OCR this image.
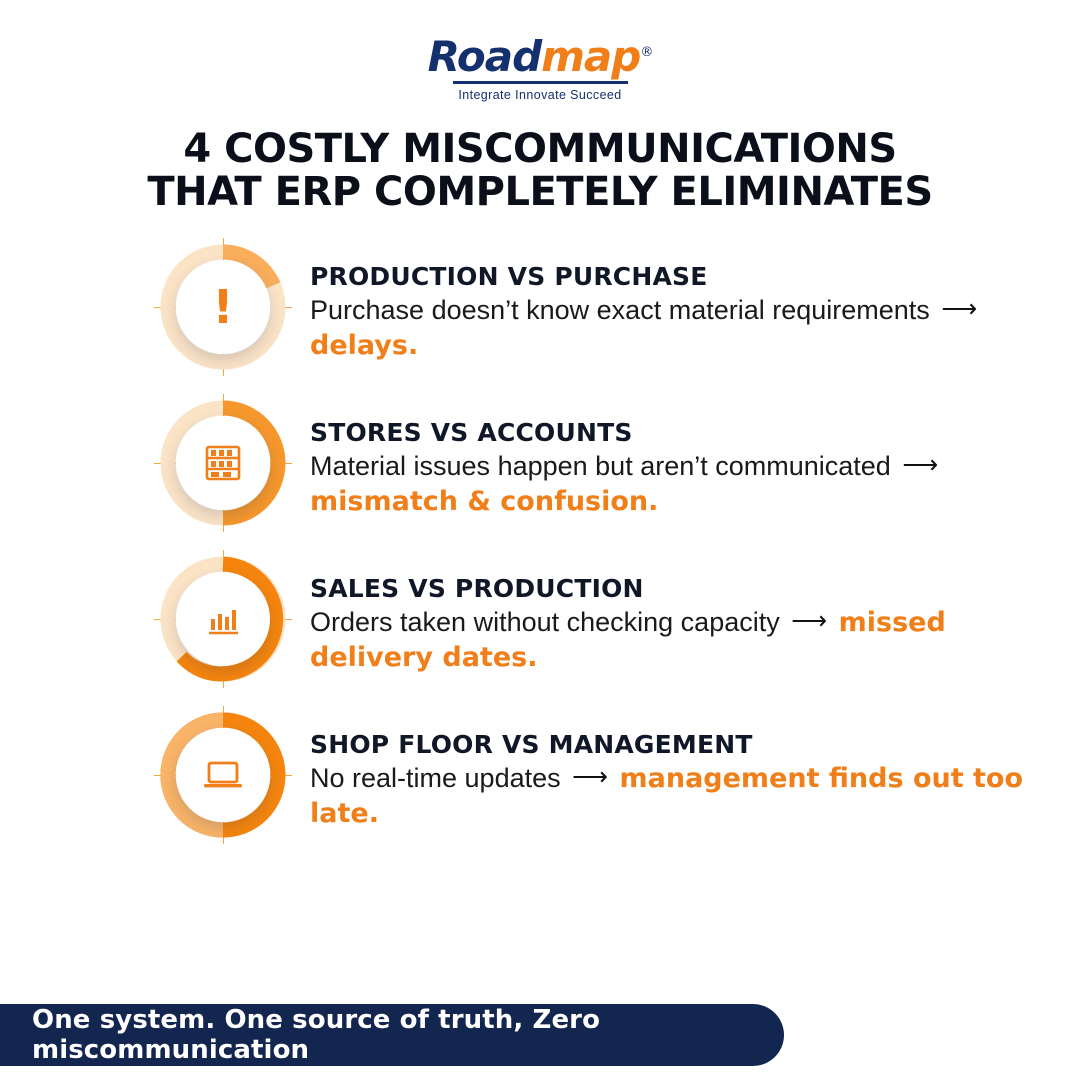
Roadmap®
Integrate Innovate Succeed
4 COSTLY MISCOMMUNICATIONS
THAT ERP COMPLETELY ELIMINATES
!
PRODUCTION VS PURCHASE
Purchase doesn’t know exact material requirements ⟶ delays.
STORES VS ACCOUNTS
Material issues happen but aren’t communicated ⟶ mismatch & confusion.
SALES VS PRODUCTION
Orders taken without checking capacity ⟶ missed delivery dates.
SHOP FLOOR VS MANAGEMENT
No real-time updates ⟶ management finds out too late.
One system. One source of truth, Zero miscommunication
